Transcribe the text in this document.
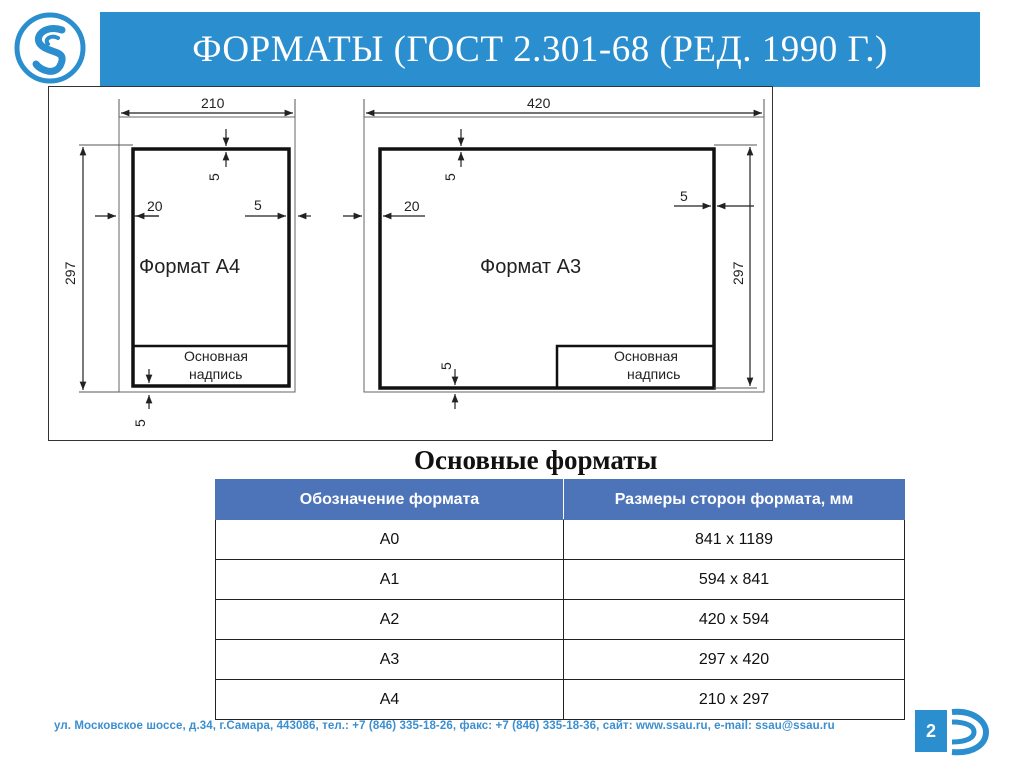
ФОРМАТЫ (ГОСТ 2.301-68 (РЕД. 1990 Г.)
210
297
5
20	5
5
Формат А4
Основная
надпись
420
297
5
20
5
5
Формат А3
Основная
надпись
Основные форматы
Обозначение формата	Размеры сторон формата, мм
А0	841 х 1189
А1	594 х 841
А2	420 х 594
А3	297 х 420
А4	210 х 297
ул. Московское шоссе, д.34, г.Самара, 443086, тел.: +7 (846) 335-18-26, факс: +7 (846) 335-18-36, сайт: www.ssau.ru, e-mail: ssau@ssau.ru	2
